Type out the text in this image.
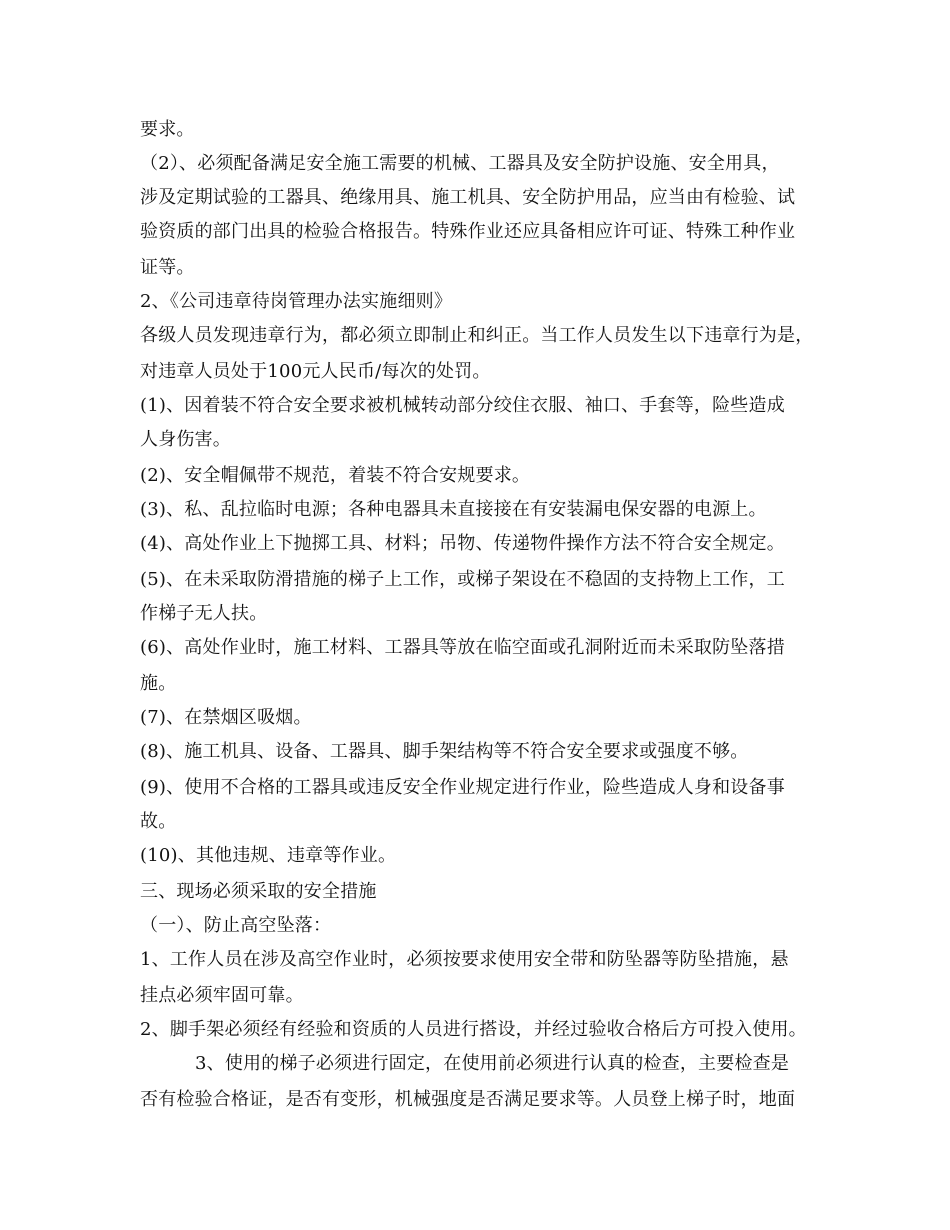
要求。
（2）、必须配备满足安全施工需要的机械、工器具及安全防护设施、安全用具，
涉及定期试验的工器具、绝缘用具、施工机具、安全防护用品，应当由有检验、试
验资质的部门出具的检验合格报告。特殊作业还应具备相应许可证、特殊工种作业
证等。
2、《公司违章待岗管理办法实施细则》
各级人员发现违章行为，都必须立即制止和纠正。当工作人员发生以下违章行为是，
对违章人员处于100元人民币/每次的处罚。
(1)、因着装不符合安全要求被机械转动部分绞住衣服、袖口、手套等，险些造成
人身伤害。
(2)、安全帽佩带不规范，着装不符合安规要求。
(3)、私、乱拉临时电源；各种电器具未直接接在有安装漏电保安器的电源上。
(4)、高处作业上下抛掷工具、材料；吊物、传递物件操作方法不符合安全规定。
(5)、在未采取防滑措施的梯子上工作，或梯子架设在不稳固的支持物上工作，工
作梯子无人扶。
(6)、高处作业时，施工材料、工器具等放在临空面或孔洞附近而未采取防坠落措
施。
(7)、在禁烟区吸烟。
(8)、施工机具、设备、工器具、脚手架结构等不符合安全要求或强度不够。
(9)、使用不合格的工器具或违反安全作业规定进行作业，险些造成人身和设备事
故。
(10)、其他违规、违章等作业。
三、现场必须采取的安全措施
（一）、防止高空坠落：
1、工作人员在涉及高空作业时，必须按要求使用安全带和防坠器等防坠措施，悬
挂点必须牢固可靠。
2、脚手架必须经有经验和资质的人员进行搭设，并经过验收合格后方可投入使用。
3、使用的梯子必须进行固定，在使用前必须进行认真的检查，主要检查是
否有检验合格证，是否有变形，机械强度是否满足要求等。人员登上梯子时，地面
